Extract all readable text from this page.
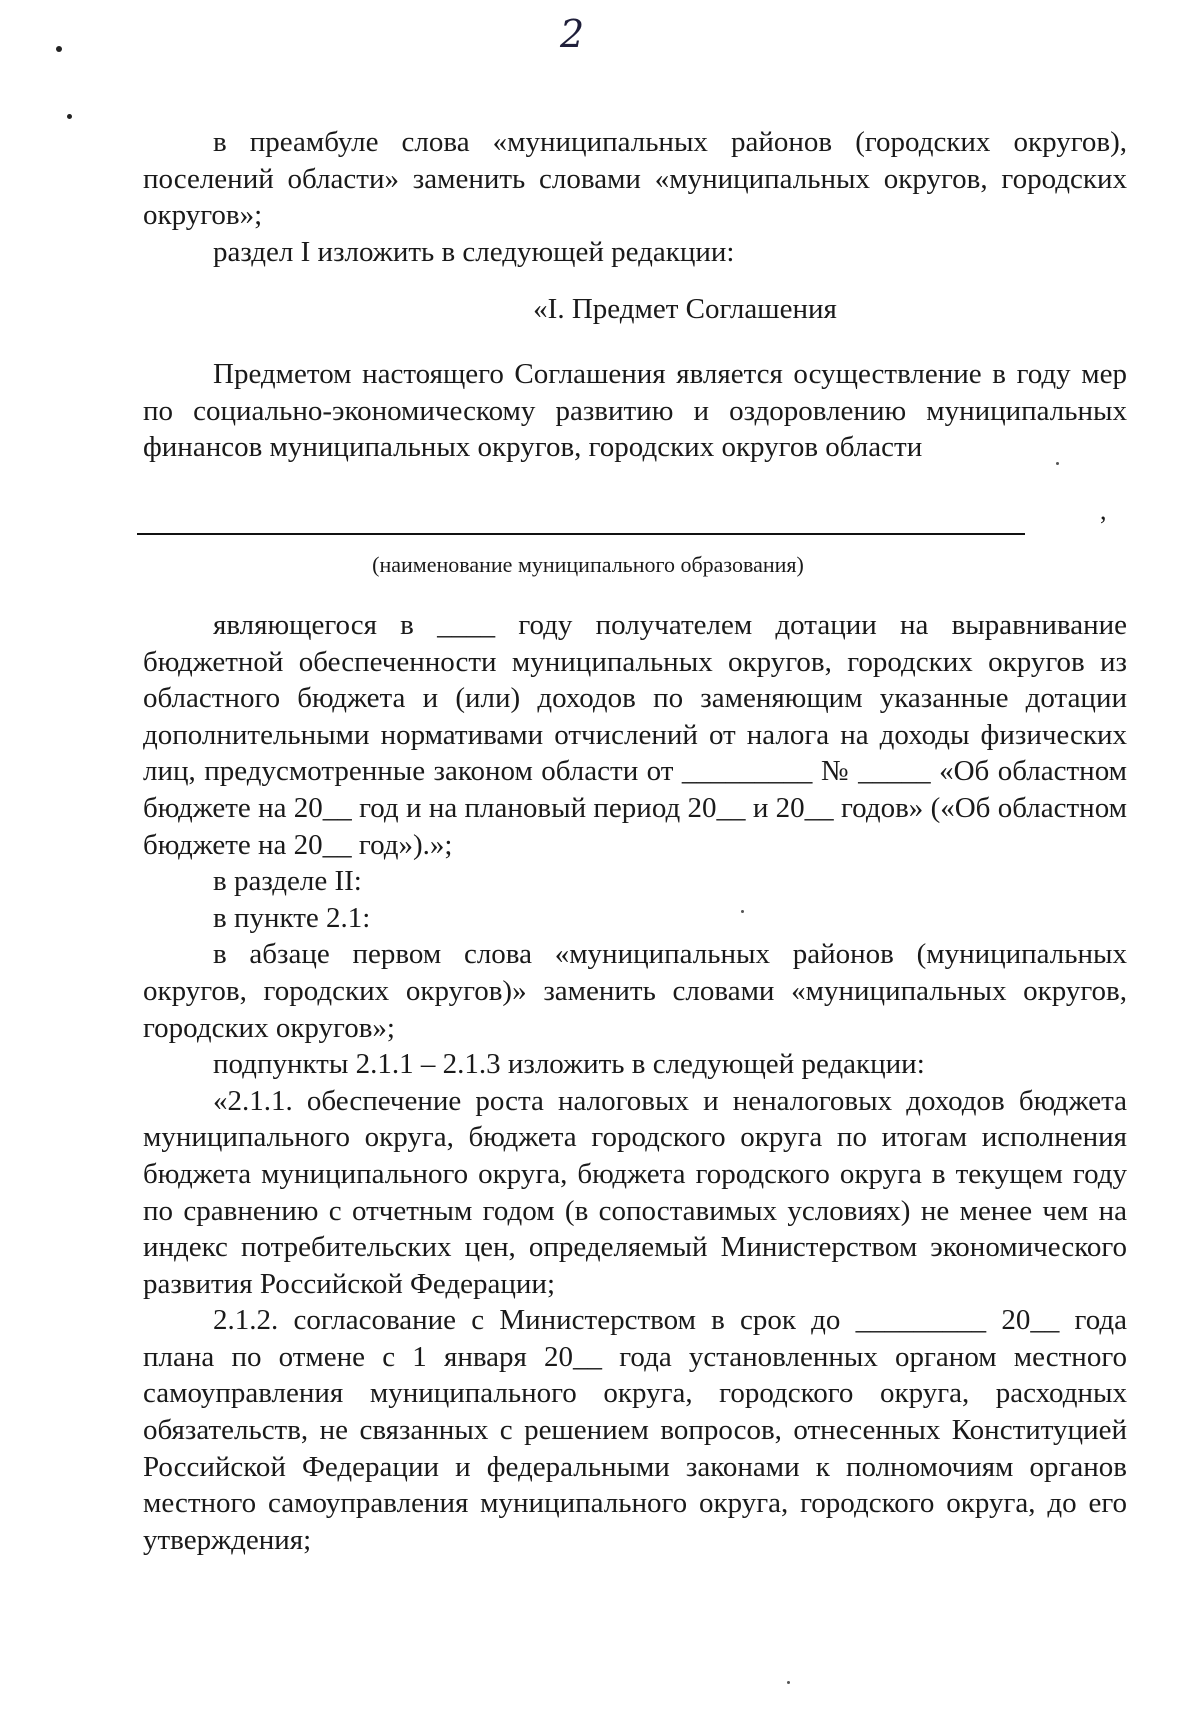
2

в преамбуле слова «муниципальных районов (городских округов), поселений области» заменить словами «муниципальных округов, городских округов»;

раздел I изложить в следующей редакции:

«I. Предмет Соглашения

Предметом настоящего Соглашения является осуществление в году мер по социально-экономическому развитию и оздоровлению муниципальных финансов муниципальных округов, городских округов области

,
(наименование муниципального образования)

являющегося в ____ году получателем дотации на выравнивание бюджетной обеспеченности муниципальных округов, городских округов из областного бюджета и (или) доходов по заменяющим указанные дотации дополнительными нормативами отчислений от налога на доходы физических лиц, предусмотренные законом области от _________ № _____ «Об областном бюджете на 20__ год и на плановый период 20__ и 20__ годов» («Об областном бюджете на 20__ год»).»;

в разделе II:

в пункте 2.1:

в абзаце первом слова «муниципальных районов (муниципальных округов, городских округов)» заменить словами «муниципальных округов, городских округов»;

подпункты 2.1.1 – 2.1.3 изложить в следующей редакции:

«2.1.1. обеспечение роста налоговых и неналоговых доходов бюджета муниципального округа, бюджета городского округа по итогам исполнения бюджета муниципального округа, бюджета городского округа в текущем году по сравнению с отчетным годом (в сопоставимых условиях) не менее чем на индекс потребительских цен, определяемый Министерством экономического развития Российской Федерации;

2.1.2. согласование с Министерством в срок до _________ 20__ года плана по отмене с 1 января 20__ года установленных органом местного самоуправления муниципального округа, городского округа, расходных обязательств, не связанных с решением вопросов, отнесенных Конституцией Российской Федерации и федеральными законами к полномочиям органов местного самоуправления муниципального округа, городского округа, до его утверждения;
